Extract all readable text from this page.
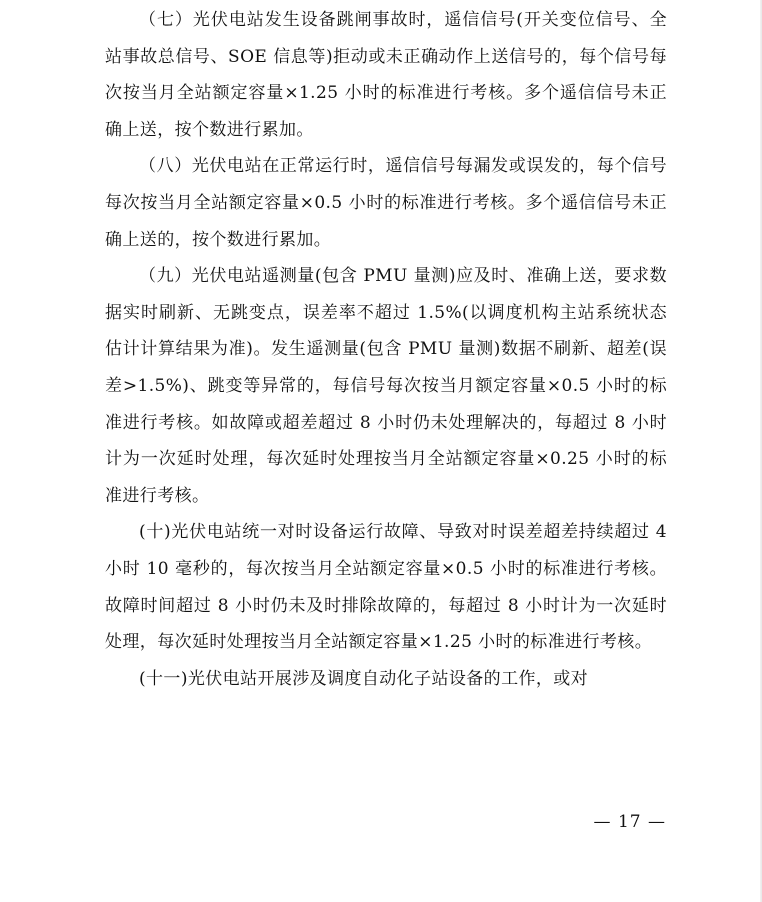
（七）光伏电站发生设备跳闸事故时，遥信信号(开关变位信号、全站事故总信号、SOE 信息等)拒动或未正确动作上送信号的，每个信号每次按当月全站额定容量×1.25 小时的标准进行考核。多个遥信信号未正确上送，按个数进行累加。

（八）光伏电站在正常运行时，遥信信号每漏发或误发的，每个信号每次按当月全站额定容量×0.5 小时的标准进行考核。多个遥信信号未正确上送的，按个数进行累加。

（九）光伏电站遥测量(包含 PMU 量测)应及时、准确上送，要求数据实时刷新、无跳变点，误差率不超过 1.5%(以调度机构主站系统状态估计计算结果为准)。发生遥测量(包含 PMU 量测)数据不刷新、超差(误差>1.5%)、跳变等异常的，每信号每次按当月额定容量×0.5 小时的标准进行考核。如故障或超差超过 8 小时仍未处理解决的，每超过 8 小时计为一次延时处理，每次延时处理按当月全站额定容量×0.25 小时的标准进行考核。

(十)光伏电站统一对时设备运行故障、导致对时误差超差持续超过 4 小时 10 毫秒的，每次按当月全站额定容量×0.5 小时的标准进行考核。故障时间超过 8 小时仍未及时排除故障的，每超过 8 小时计为一次延时处理，每次延时处理按当月全站额定容量×1.25 小时的标准进行考核。

(十一)光伏电站开展涉及调度自动化子站设备的工作，或对

— 17 —
